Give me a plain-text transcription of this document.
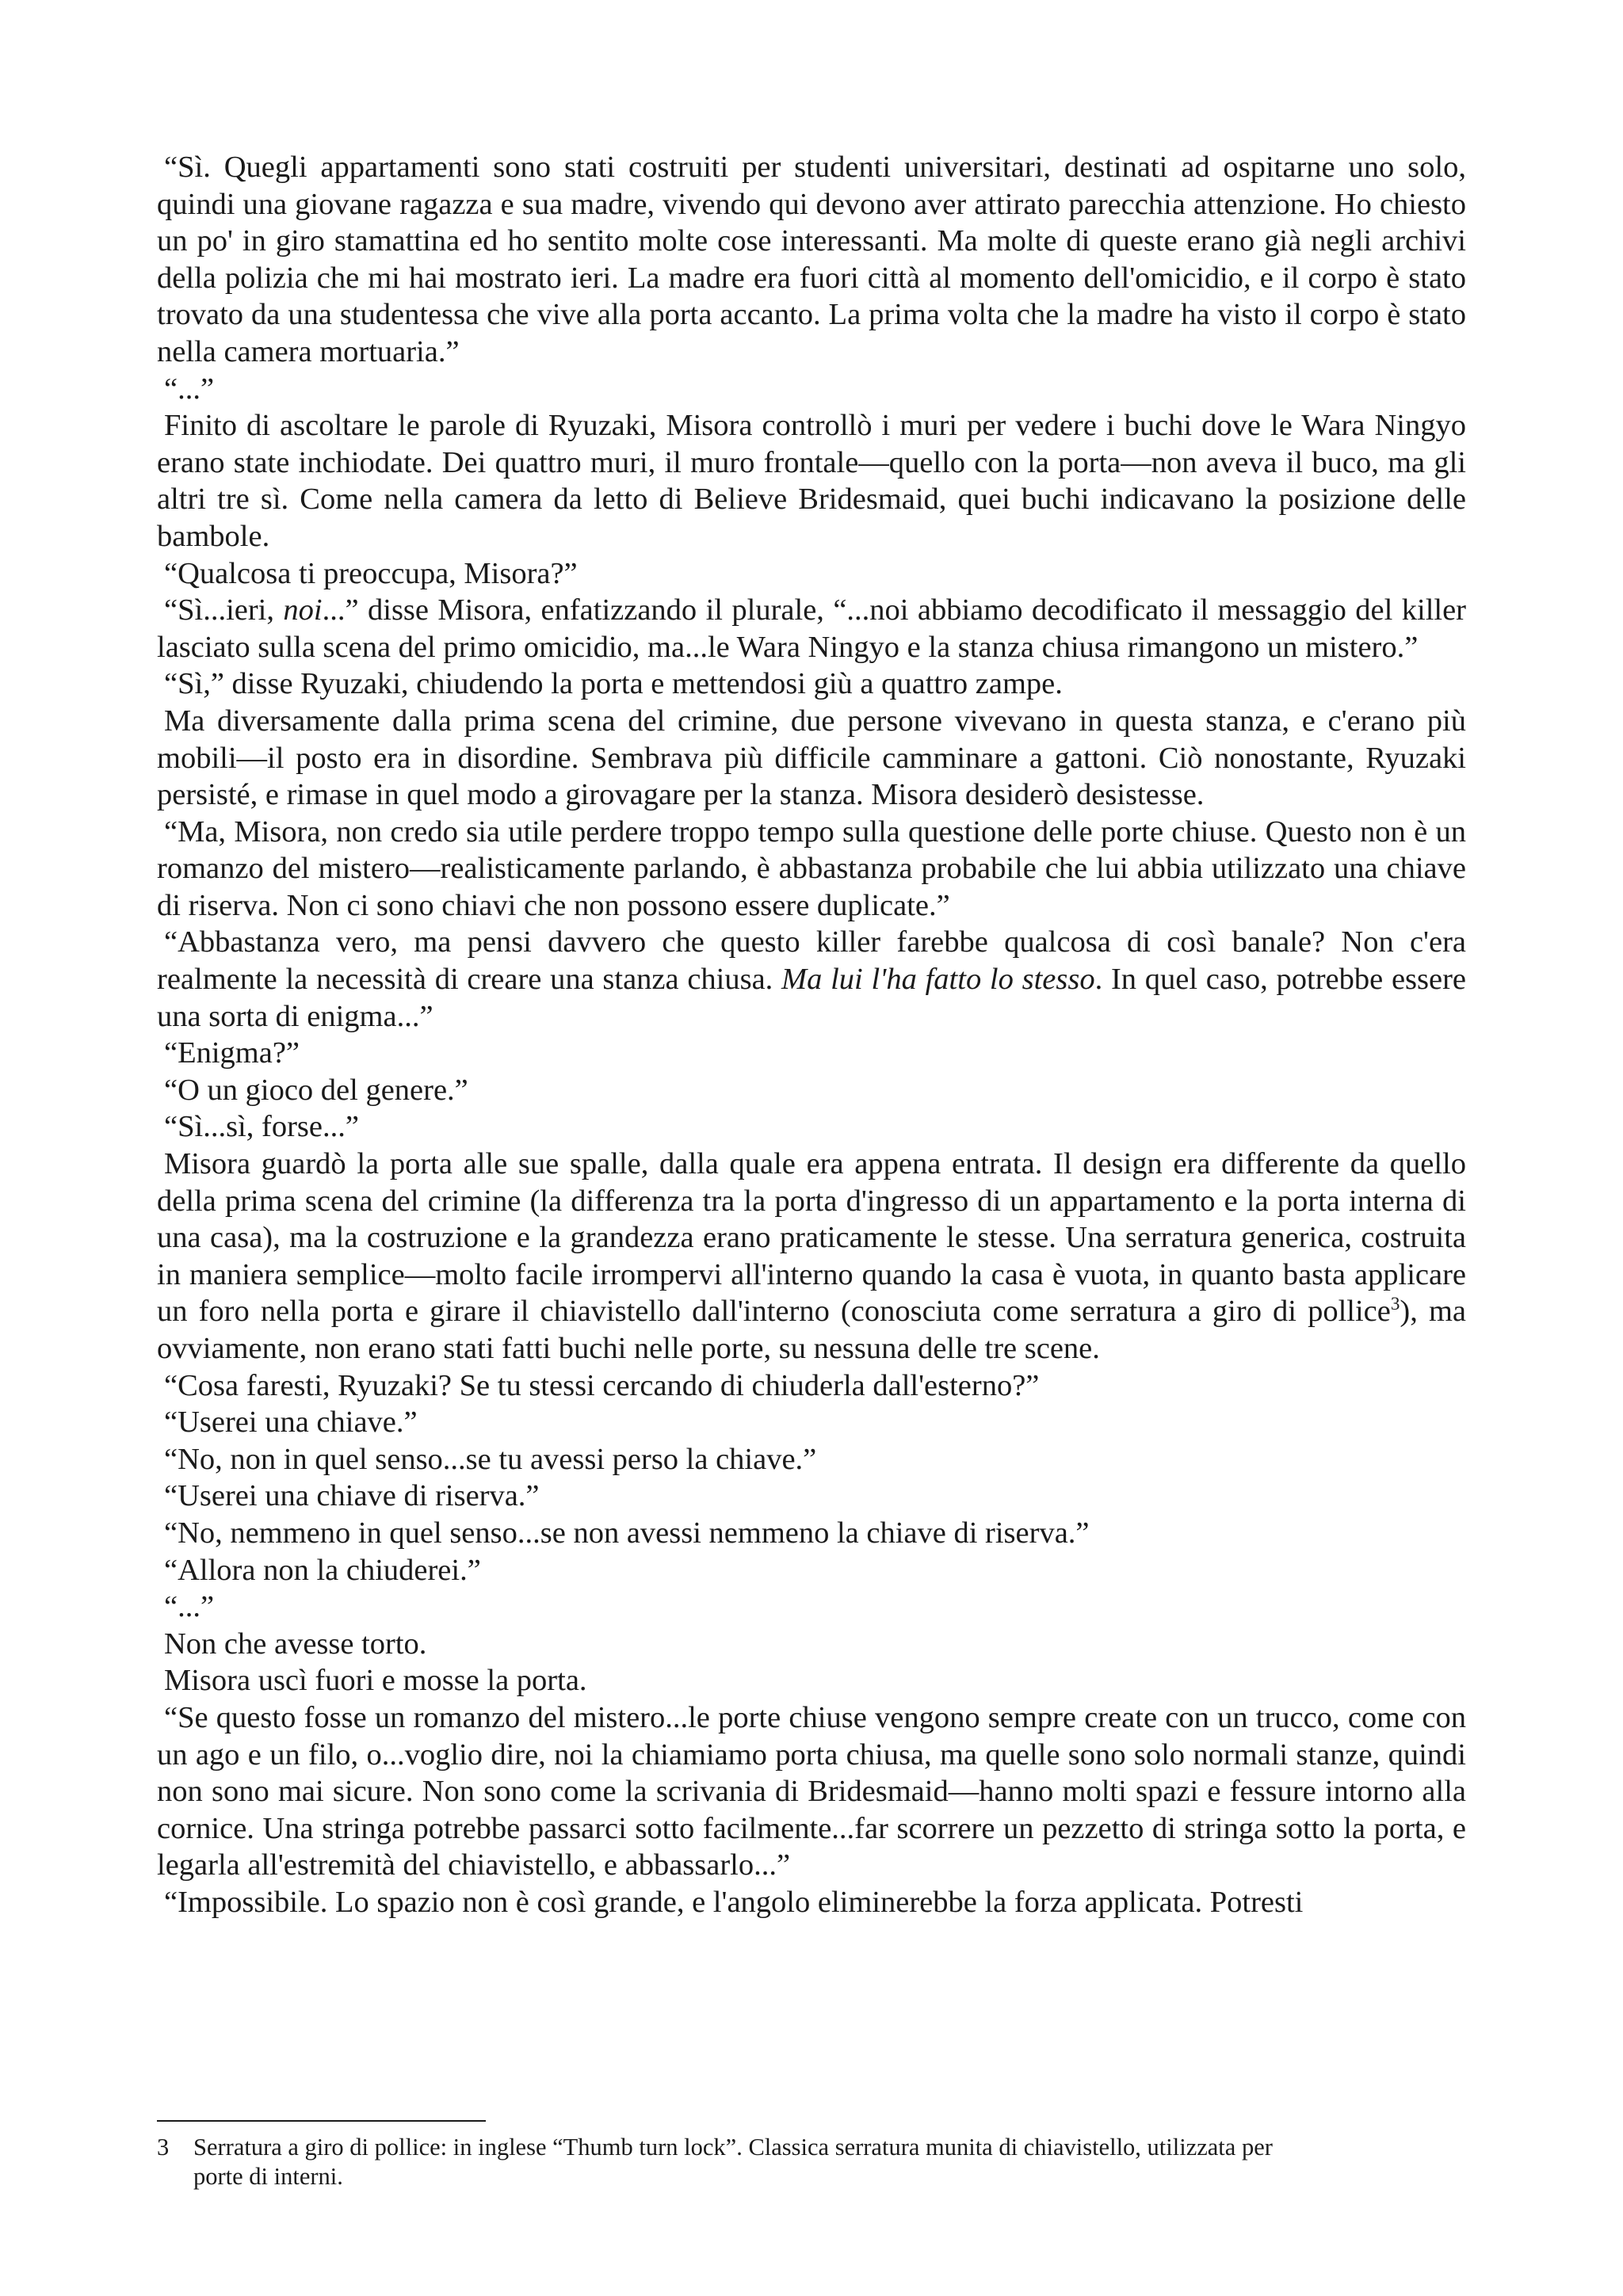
“Sì. Quegli appartamenti sono stati costruiti per studenti universitari, destinati ad ospitarne uno solo, quindi una giovane ragazza e sua madre, vivendo qui devono aver attirato parecchia attenzione. Ho chiesto un po' in giro stamattina ed ho sentito molte cose interessanti. Ma molte di queste erano già negli archivi della polizia che mi hai mostrato ieri. La madre era fuori città al momento dell'omicidio, e il corpo è stato trovato da una studentessa che vive alla porta accanto. La prima volta che la madre ha visto il corpo è stato nella camera mortuaria.”

“...”

Finito di ascoltare le parole di Ryuzaki, Misora controllò i muri per vedere i buchi dove le Wara Ningyo erano state inchiodate. Dei quattro muri, il muro frontale—quello con la porta—non aveva il buco, ma gli altri tre sì. Come nella camera da letto di Believe Bridesmaid, quei buchi indicavano la posizione delle bambole.

“Qualcosa ti preoccupa, Misora?”

“Sì...ieri, noi...” disse Misora, enfatizzando il plurale, “...noi abbiamo decodificato il messaggio del killer lasciato sulla scena del primo omicidio, ma...le Wara Ningyo e la stanza chiusa rimangono un mistero.”

“Sì,” disse Ryuzaki, chiudendo la porta e mettendosi giù a quattro zampe.

Ma diversamente dalla prima scena del crimine, due persone vivevano in questa stanza, e c'erano più mobili—il posto era in disordine. Sembrava più difficile camminare a gattoni. Ciò nonostante, Ryuzaki persisté, e rimase in quel modo a girovagare per la stanza. Misora desiderò desistesse.

“Ma, Misora, non credo sia utile perdere troppo tempo sulla questione delle porte chiuse. Questo non è un romanzo del mistero—realisticamente parlando, è abbastanza probabile che lui abbia utilizzato una chiave di riserva. Non ci sono chiavi che non possono essere duplicate.”

“Abbastanza vero, ma pensi davvero che questo killer farebbe qualcosa di così banale? Non c'era realmente la necessità di creare una stanza chiusa. Ma lui l'ha fatto lo stesso. In quel caso, potrebbe essere una sorta di enigma...”

“Enigma?”

“O un gioco del genere.”

“Sì...sì, forse...”

Misora guardò la porta alle sue spalle, dalla quale era appena entrata. Il design era differente da quello della prima scena del crimine (la differenza tra la porta d'ingresso di un appartamento e la porta interna di una casa), ma la costruzione e la grandezza erano praticamente le stesse. Una serratura generica, costruita in maniera semplice—molto facile irrompervi all'interno quando la casa è vuota, in quanto basta applicare un foro nella porta e girare il chiavistello dall'interno (conosciuta come serratura a giro di pollice$^3$), ma ovviamente, non erano stati fatti buchi nelle porte, su nessuna delle tre scene.

“Cosa faresti, Ryuzaki? Se tu stessi cercando di chiuderla dall'esterno?”

“Userei una chiave.”

“No, non in quel senso...se tu avessi perso la chiave.”

“Userei una chiave di riserva.”

“No, nemmeno in quel senso...se non avessi nemmeno la chiave di riserva.”

“Allora non la chiuderei.”

“...”

Non che avesse torto.

Misora uscì fuori e mosse la porta.

“Se questo fosse un romanzo del mistero...le porte chiuse vengono sempre create con un trucco, come con un ago e un filo, o...voglio dire, noi la chiamiamo porta chiusa, ma quelle sono solo normali stanze, quindi non sono mai sicure. Non sono come la scrivania di Bridesmaid—hanno molti spazi e fessure intorno alla cornice. Una stringa potrebbe passarci sotto facilmente...far scorrere un pezzetto di stringa sotto la porta, e legarla all'estremità del chiavistello, e abbassarlo...”

“Impossibile. Lo spazio non è così grande, e l'angolo eliminerebbe la forza applicata. Potresti

3 Serratura a giro di pollice: in inglese “Thumb turn lock”. Classica serratura munita di chiavistello, utilizzata per porte di interni.
